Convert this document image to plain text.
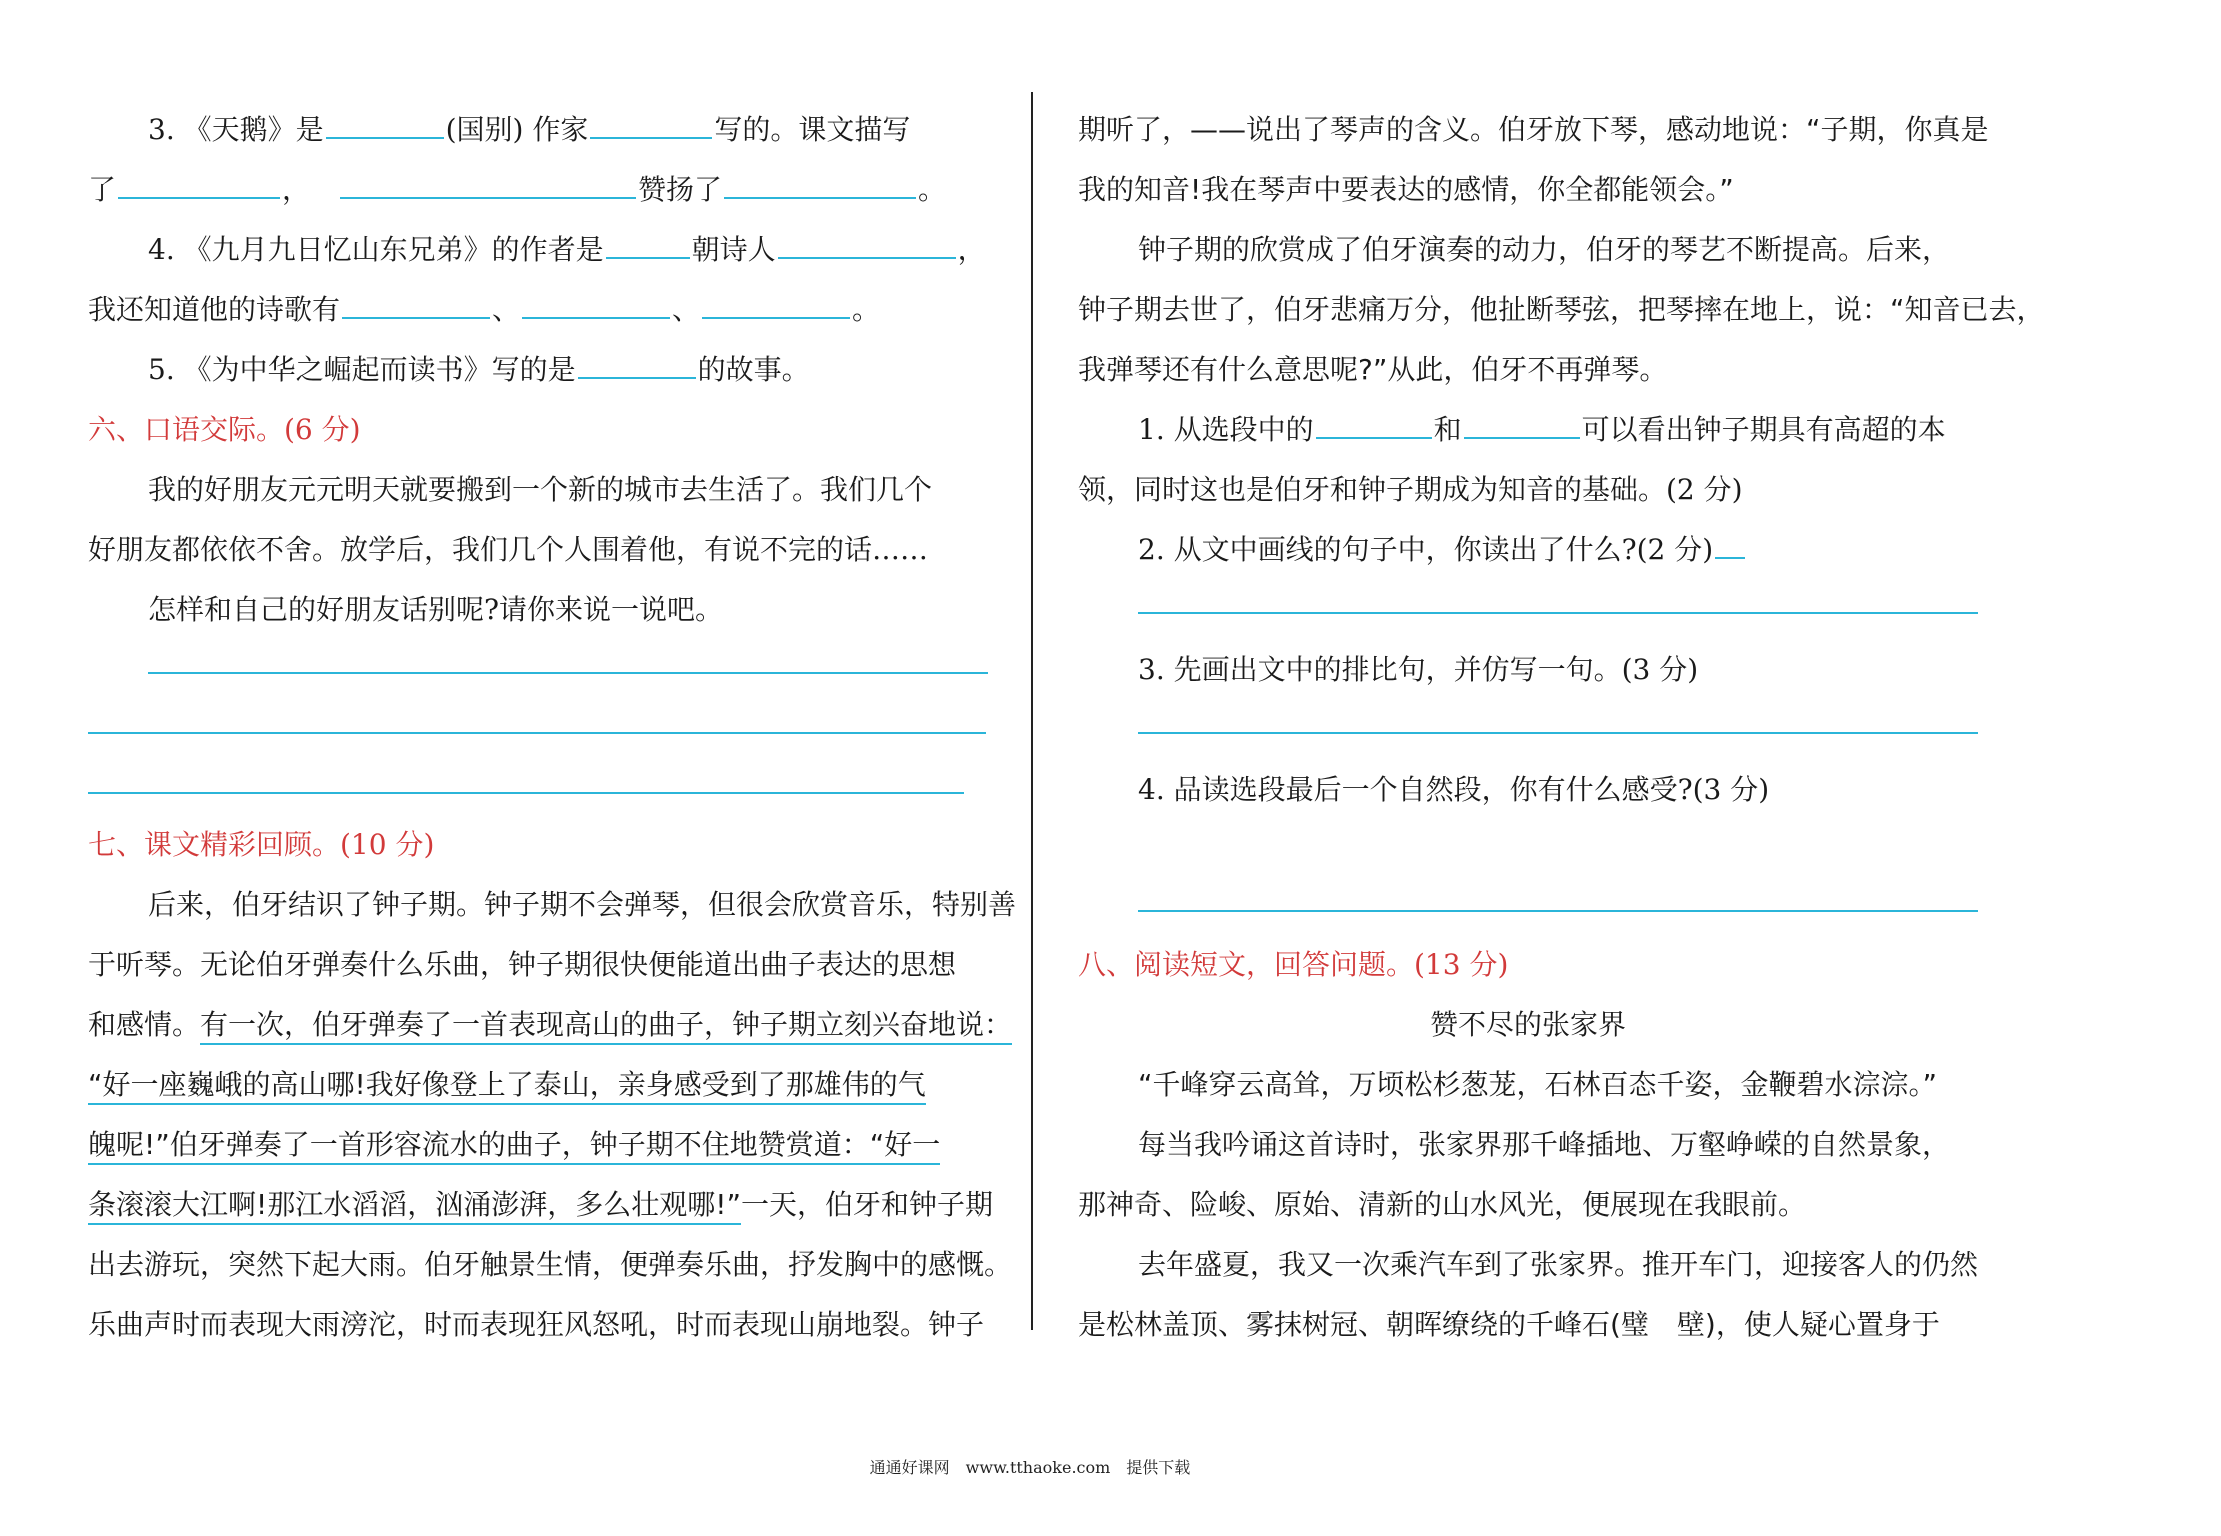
3. 《天鹅》是	(国别) 作家	写的。课文描写
了	，	赞扬了	。
4. 《九月九日忆山东兄弟》的作者是	朝诗人	，
我还知道他的诗歌有	、	、	。
5. 《为中华之崛起而读书》写的是	的故事。
六、口语交际。(6 分)
我的好朋友元元明天就要搬到一个新的城市去生活了。我们几个
好朋友都依依不舍。放学后，我们几个人围着他，有说不完的话……
怎样和自己的好朋友话别呢?请你来说一说吧。
七、课文精彩回顾。(10 分)
后来，伯牙结识了钟子期。钟子期不会弹琴，但很会欣赏音乐，特别善
于听琴。无论伯牙弹奏什么乐曲，钟子期很快便能道出曲子表达的思想
和感情。有一次，伯牙弹奏了一首表现高山的曲子，钟子期立刻兴奋地说：
“好一座巍峨的高山哪!我好像登上了泰山，亲身感受到了那雄伟的气
魄呢!”伯牙弹奏了一首形容流水的曲子，钟子期不住地赞赏道：“好一
条滚滚大江啊!那江水滔滔，汹涌澎湃，多么壮观哪!”一天，伯牙和钟子期
出去游玩，突然下起大雨。伯牙触景生情，便弹奏乐曲，抒发胸中的感慨。
乐曲声时而表现大雨滂沱，时而表现狂风怒吼，时而表现山崩地裂。钟子
期听了，——说出了琴声的含义。伯牙放下琴，感动地说：“子期，你真是
我的知音!我在琴声中要表达的感情，你全都能领会。”
钟子期的欣赏成了伯牙演奏的动力，伯牙的琴艺不断提高。后来，
钟子期去世了，伯牙悲痛万分，他扯断琴弦，把琴摔在地上，说：“知音已去，
我弹琴还有什么意思呢?”从此，伯牙不再弹琴。
1. 从选段中的	和	可以看出钟子期具有高超的本
领，同时这也是伯牙和钟子期成为知音的基础。(2 分)
2. 从文中画线的句子中，你读出了什么?(2 分)
3. 先画出文中的排比句，并仿写一句。(3 分)
4. 品读选段最后一个自然段，你有什么感受?(3 分)
八、阅读短文，回答问题。(13 分)
赞不尽的张家界
“千峰穿云高耸，万顷松杉葱茏，石林百态千姿，金鞭碧水淙淙。”
每当我吟诵这首诗时，张家界那千峰插地、万壑峥嵘的自然景象，
那神奇、险峻、原始、清新的山水风光，便展现在我眼前。
去年盛夏，我又一次乘汽车到了张家界。推开车门，迎接客人的仍然
是松林盖顶、雾抹树冠、朝晖缭绕的千峰石(璧　壁)，使人疑心置身于
通通好课网　www.tthaoke.com　提供下载
